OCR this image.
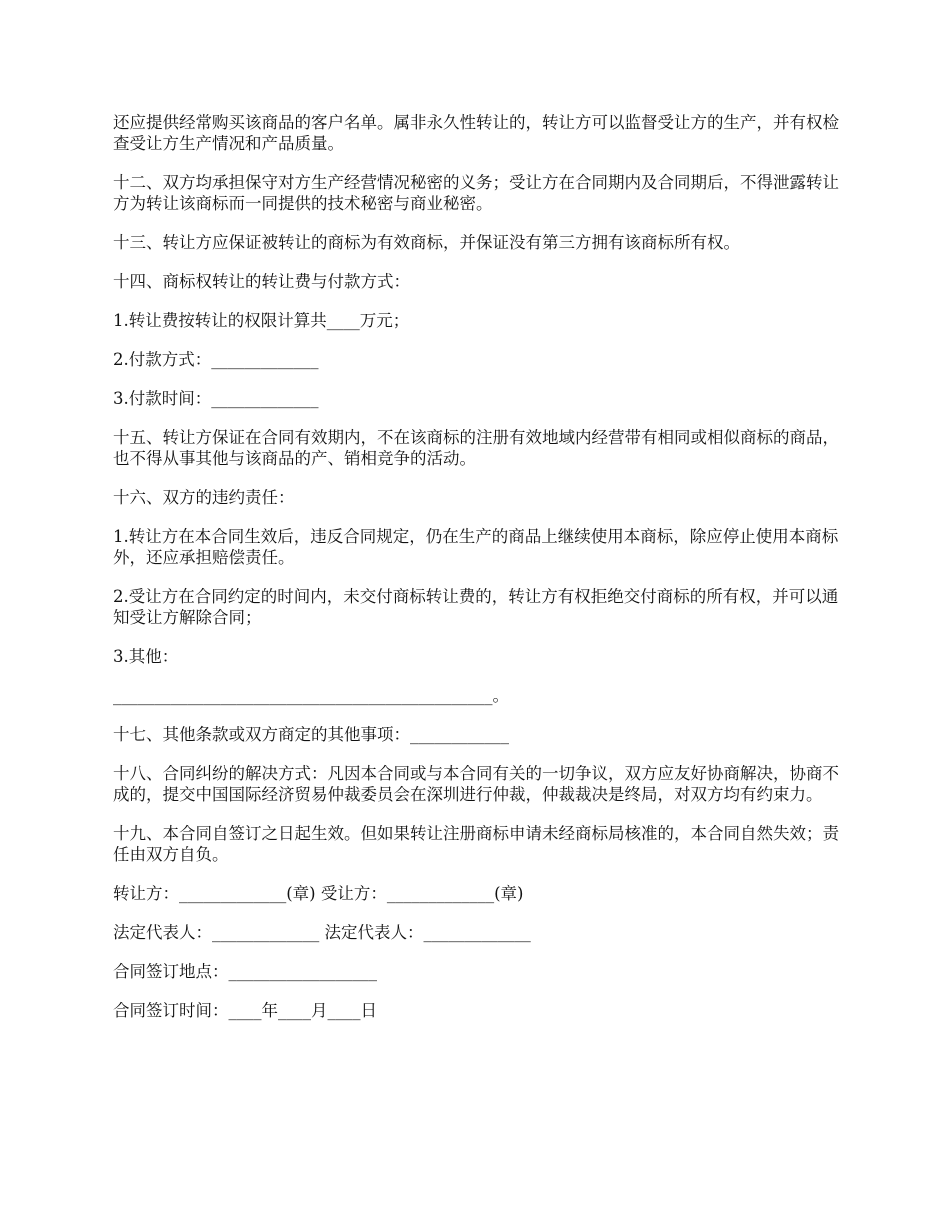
还应提供经常购买该商品的客户名单。属非永久性转让的，转让方可以监督受让方的生产，并有权检查受让方生产情况和产品质量。

十二、双方均承担保守对方生产经营情况秘密的义务；受让方在合同期内及合同期后，不得泄露转让方为转让该商标而一同提供的技术秘密与商业秘密。

十三、转让方应保证被转让的商标为有效商标，并保证没有第三方拥有该商标所有权。

十四、商标权转让的转让费与付款方式：

1.转让费按转让的权限计算共____万元；

2.付款方式：_____________

3.付款时间：_____________

十五、转让方保证在合同有效期内，不在该商标的注册有效地域内经营带有相同或相似商标的商品，也不得从事其他与该商品的产、销相竞争的活动。

十六、双方的违约责任：

1.转让方在本合同生效后，违反合同规定，仍在生产的商品上继续使用本商标，除应停止使用本商标外，还应承担赔偿责任。

2.受让方在合同约定的时间内，未交付商标转让费的，转让方有权拒绝交付商标的所有权，并可以通知受让方解除合同；

3.其他：

______________________________________________。

十七、其他条款或双方商定的其他事项：____________

十八、合同纠纷的解决方式：凡因本合同或与本合同有关的一切争议，双方应友好协商解决，协商不成的，提交中国国际经济贸易仲裁委员会在深圳进行仲裁，仲裁裁决是终局，对双方均有约束力。

十九、本合同自签订之日起生效。但如果转让注册商标申请未经商标局核准的，本合同自然失效；责任由双方自负。

转让方：_____________(章) 受让方：_____________(章)

法定代表人：_____________ 法定代表人：_____________

合同签订地点：__________________

合同签订时间：____年____月____日
